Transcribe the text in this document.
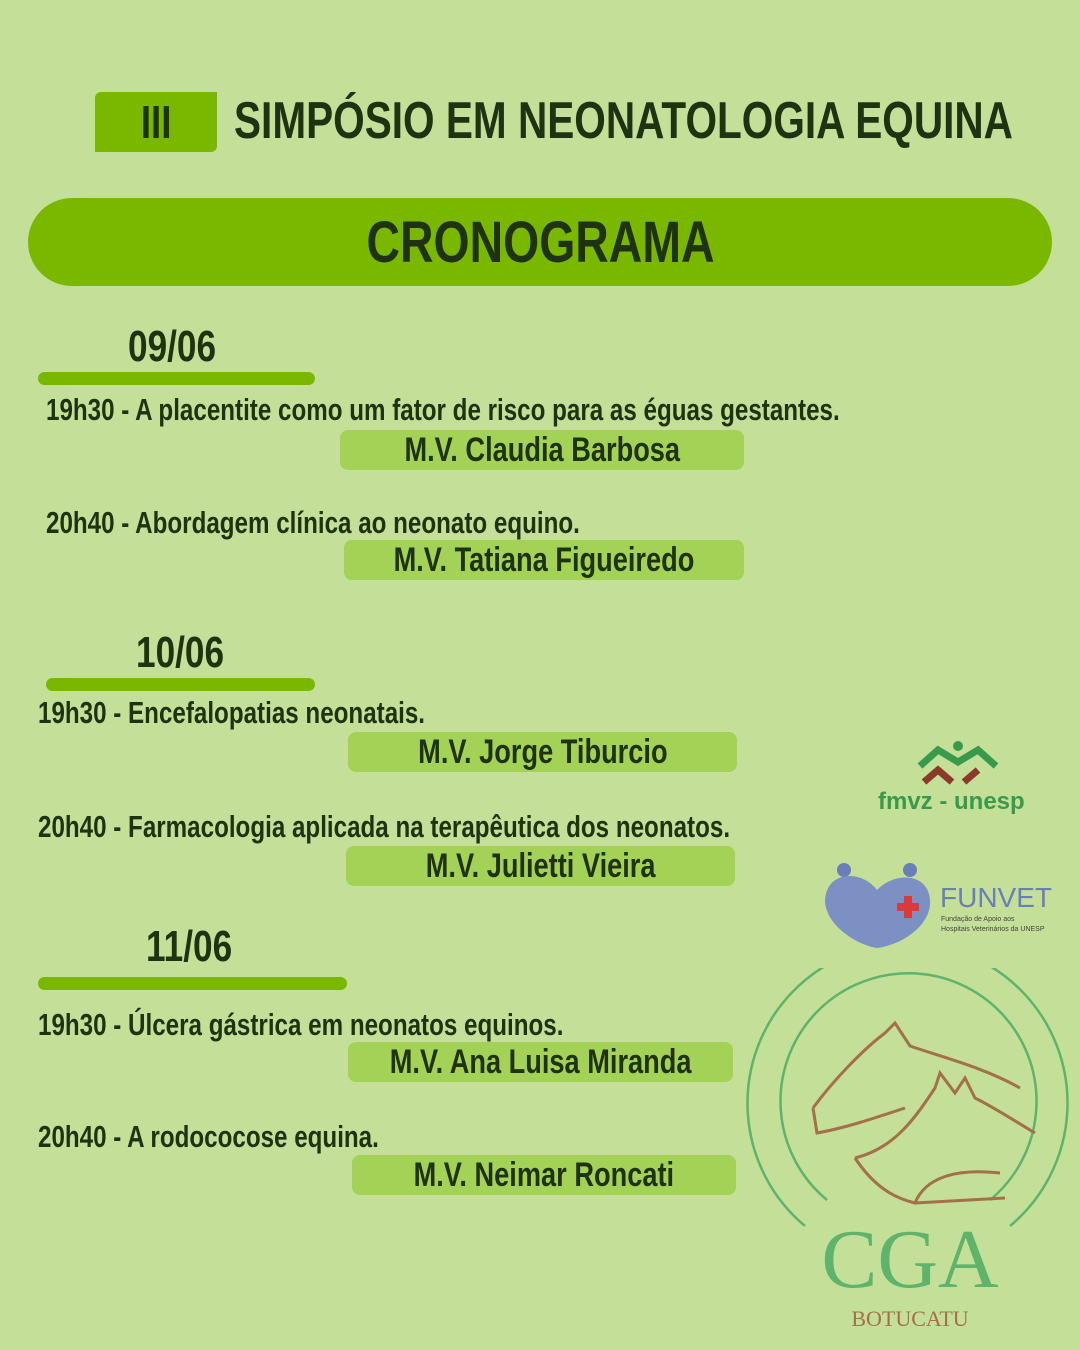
III SIMPÓSIO EM NEONATOLOGIA EQUINA
CRONOGRAMA
09/06
19h30 - A placentite como um fator de risco para as éguas gestantes.
M.V. Claudia Barbosa
20h40 - Abordagem clínica ao neonato equino.
M.V. Tatiana Figueiredo
10/06
19h30 - Encefalopatias neonatais.
M.V. Jorge Tiburcio
20h40 - Farmacologia aplicada na terapêutica dos neonatos.
M.V. Julietti Vieira
11/06
19h30 - Úlcera gástrica em neonatos equinos.
M.V. Ana Luisa Miranda
20h40 - A rodococose equina.
M.V. Neimar Roncati
fmvz - unesp
FUNVET
Fundação de Apoio aos
Hospitais Veterinários da UNESP
CGA
BOTUCATU
